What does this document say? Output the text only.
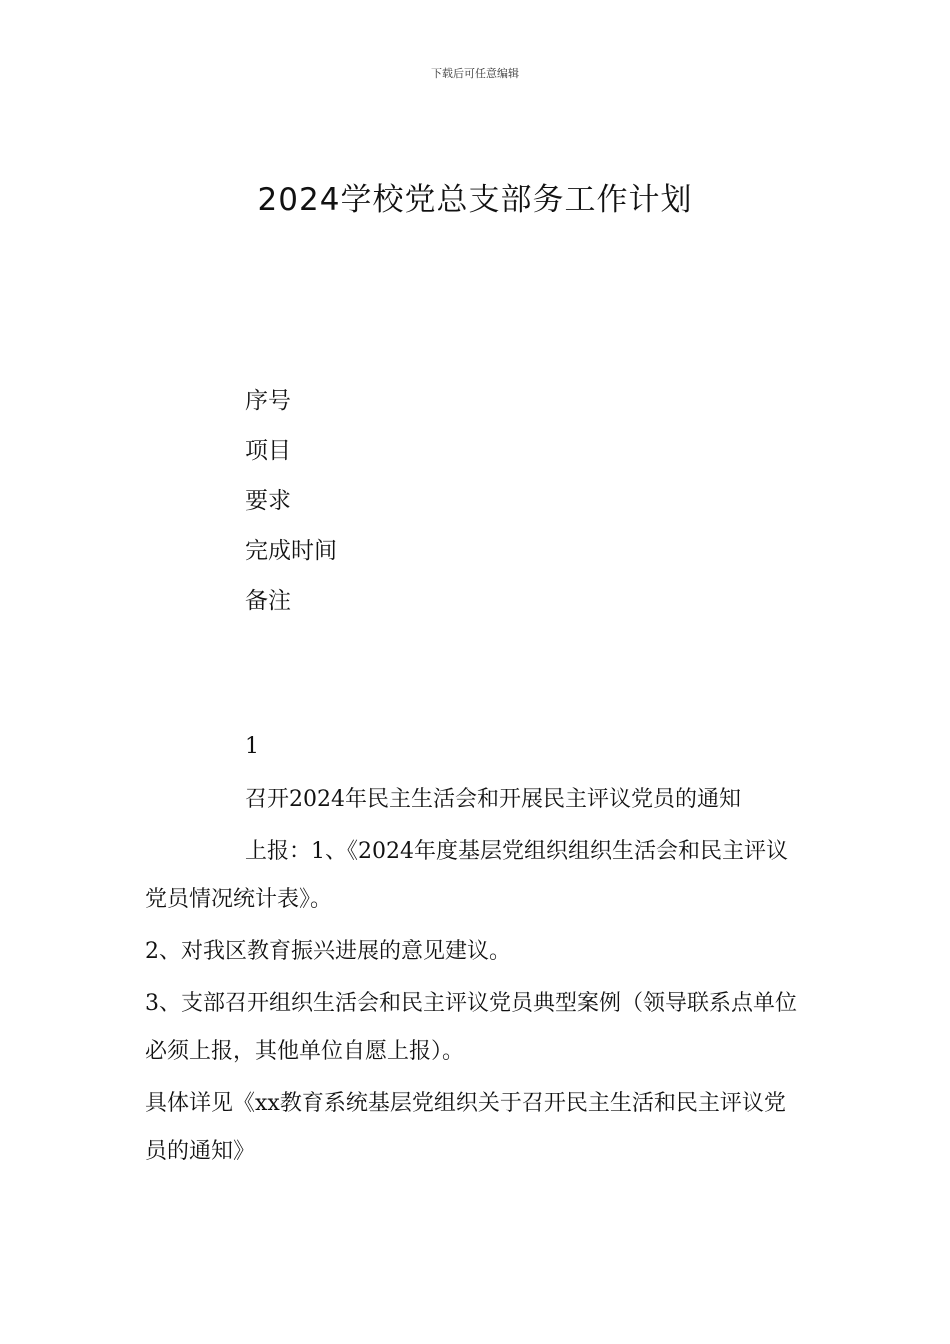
下载后可任意编辑
2024学校党总支部务工作计划
序号
项目
要求
完成时间
备注
1

召开2024年民主生活会和开展民主评议党员的通知

上报：1、《2024年度基层党组织组织生活会和民主评议党员情况统计表》。

2、对我区教育振兴进展的意见建议。

3、支部召开组织生活会和民主评议党员典型案例（领导联系点单位必须上报，其他单位自愿上报）。

具体详见《xx教育系统基层党组织关于召开民主生活和民主评议党员的通知》
